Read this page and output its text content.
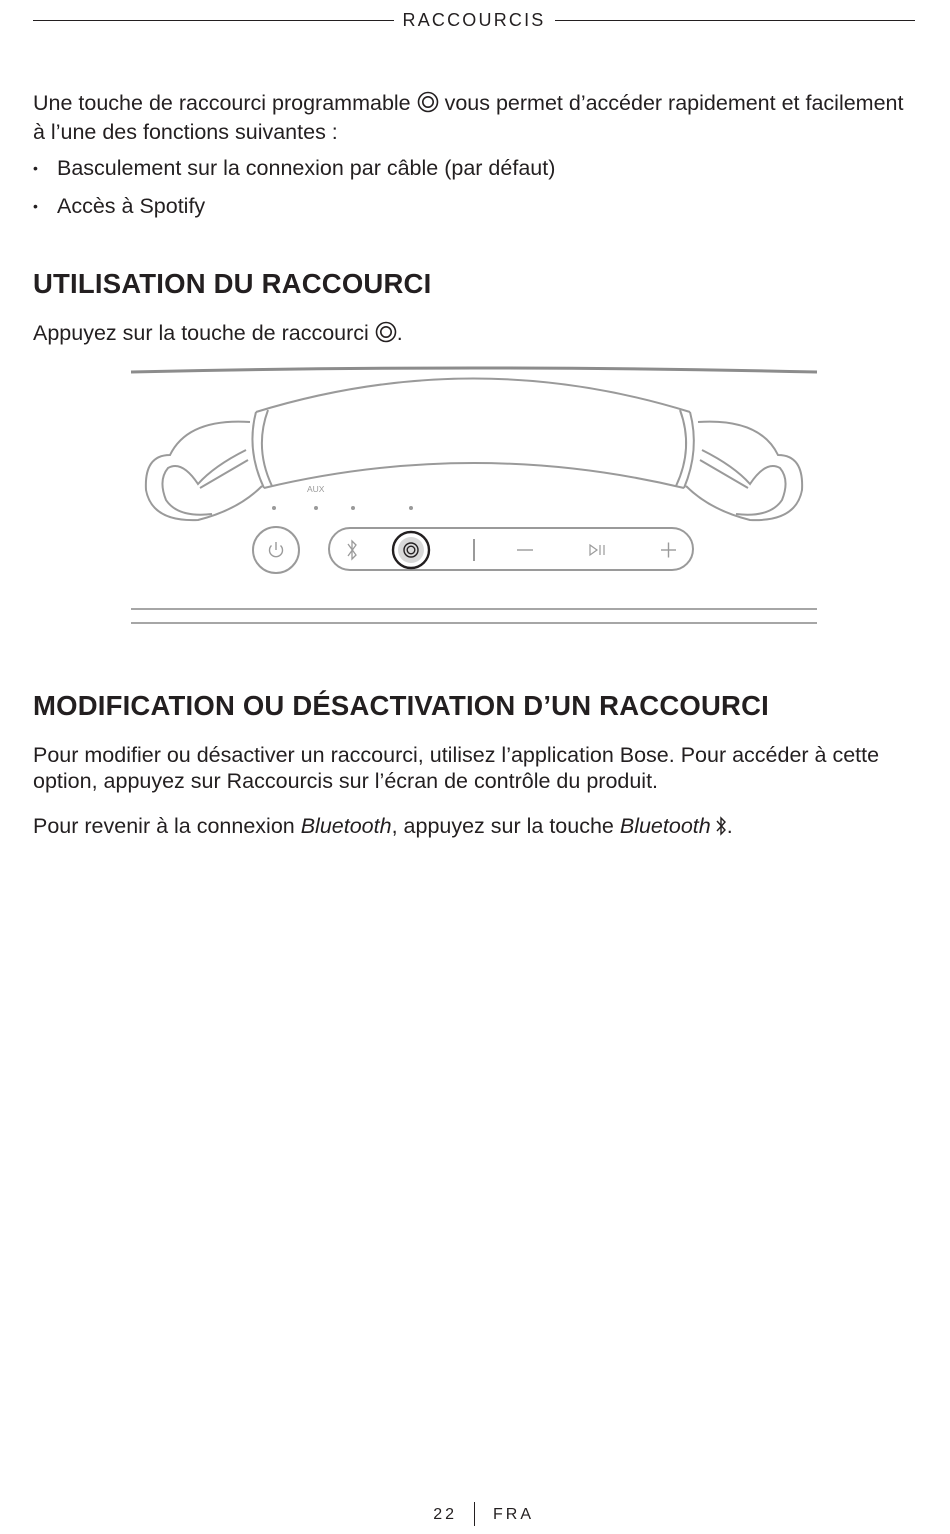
RACCOURCIS

Une touche de raccourci programmable  vous permet d’accéder rapidement et facilement à l’une des fonctions suivantes :

• Basculement sur la connexion par câble (par défaut)
• Accès à Spotify
UTILISATION DU RACCOURCI

Appuyez sur la touche de raccourci .

AUX
MODIFICATION OU DÉSACTIVATION D’UN RACCOURCI

Pour modifier ou désactiver un raccourci, utilisez l’application Bose. Pour accéder à cette option, appuyez sur Raccourcis sur l’écran de contrôle du produit.

Pour revenir à la connexion Bluetooth, appuyez sur la touche Bluetooth .

22 FRA
